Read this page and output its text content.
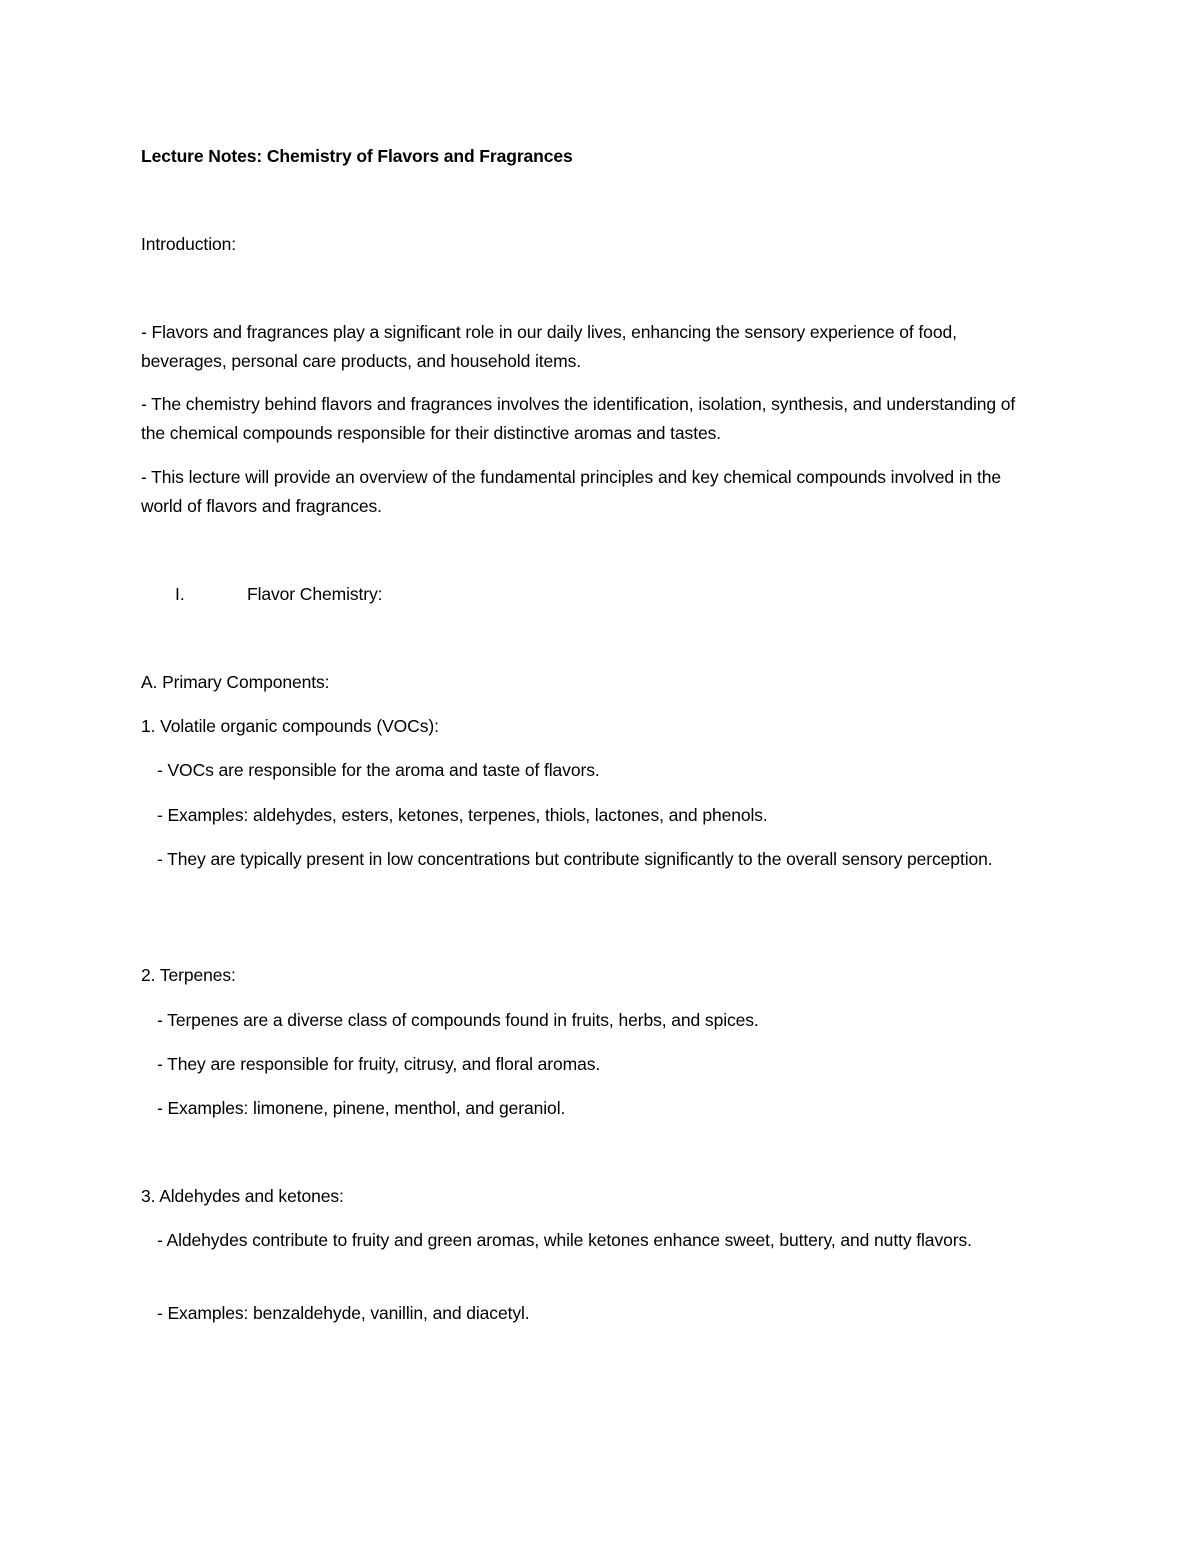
Lecture Notes: Chemistry of Flavors and Fragrances
Introduction:
- Flavors and fragrances play a significant role in our daily lives, enhancing the sensory experience of food, beverages, personal care products, and household items.
- The chemistry behind flavors and fragrances involves the identification, isolation, synthesis, and understanding of the chemical compounds responsible for their distinctive aromas and tastes.
- This lecture will provide an overview of the fundamental principles and key chemical compounds involved in the world of flavors and fragrances.
I.	Flavor Chemistry:
A. Primary Components:
1. Volatile organic compounds (VOCs):
- VOCs are responsible for the aroma and taste of flavors.
- Examples: aldehydes, esters, ketones, terpenes, thiols, lactones, and phenols.
- They are typically present in low concentrations but contribute significantly to the overall sensory perception.
2. Terpenes:
- Terpenes are a diverse class of compounds found in fruits, herbs, and spices.
- They are responsible for fruity, citrusy, and floral aromas.
- Examples: limonene, pinene, menthol, and geraniol.
3. Aldehydes and ketones:
- Aldehydes contribute to fruity and green aromas, while ketones enhance sweet, buttery, and nutty flavors.
- Examples: benzaldehyde, vanillin, and diacetyl.
